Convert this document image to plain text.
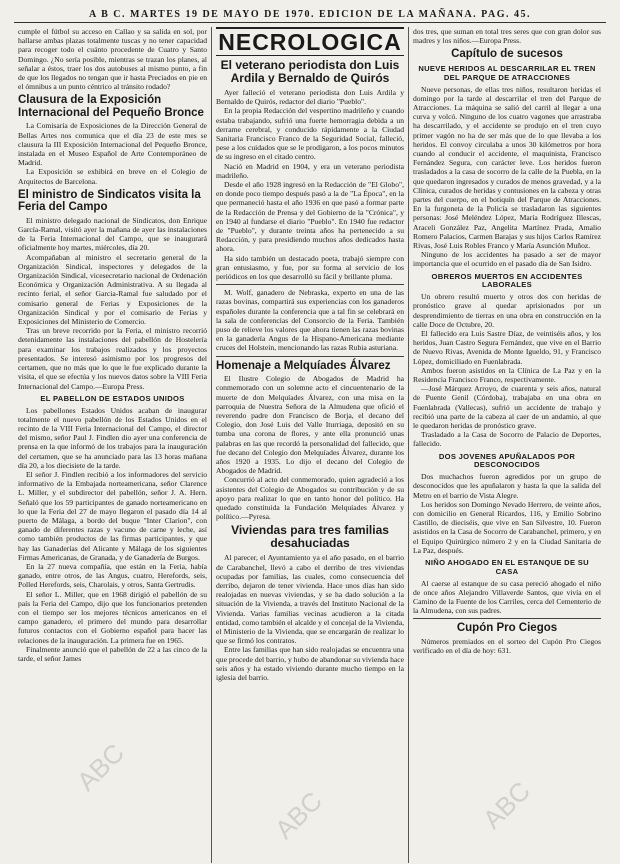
A B C. MARTES 19 DE MAYO DE 1970. EDICION DE LA MAÑANA. PAG. 45.

cumple el fútbol su acceso en Callao y sa salida en sol, por hallarse ambas plazas totalmente tuscas y no tener capacidad para recoger todo el cuánto procedente de Cuatro y Santo Domingo. ¿No sería posible, mientras se trazan los planes, al señalar a éstos, traer los dos autobuses al mismo punto, a fin de que los llegados no tengan que ir hasta Preciados en pie en el ómnibus a un punto céntrico al tránsito rodado?

Clausura de la Exposición Internacional del Pequeño Bronce

La Comisaría de Exposiciones de la Dirección General de Bellas Artes nos comunica que el día 23 de este mes se clausura la III Exposición Internacional del Pequeño Bronce, instalada en el Museo Español de Arte Contemporáneo de Madrid.

La Exposición se exhibirá en breve en el Colegio de Arquitectos de Barcelona.

El ministro de Sindicatos visita la Feria del Campo

El ministro delegado nacional de Sindicatos, don Enrique García-Ramal, visitó ayer la mañana de ayer las instalaciones de la Feria Internacional del Campo, que se inaugurará oficialmente hoy martes, miércoles, día 20.

Acompañaban al ministro el secretario general de la Organización Sindical, inspectores y delegados de la Organización Sindical, vicesecretario nacional de Ordenación Económica y Organización Administrativa. A su llegada al recinto ferial, el señor Garcia-Ramal fue saludado por el comisario general de Ferias y Exposiciones de la Organización Sindical y por el comisario de Ferias y Exposiciones del Ministerio de Comercio.

Tras un breve recorrido por la Feria, el ministro recorrió detenidamente las instalaciones del pabellón de Hostelería para examinar los trabajos realizados y los proyectos presentados. Se interesó asimismo por los progresos del certamen, que no más que lo que le fue explicado durante la visita, el que se efectúa y los nuevos datos sobre la VIII Feria Internacional del Campo.—Europa Press.

EL PABELLON DE ESTADOS UNIDOS

Los pabellones Estados Unidos acaban de inaugurar totalmente el nuevo pabellón de los Estados Unidos en el recinto de la VIII Feria Internacional del Campo, el director del mismo, señor Paul J. Findlen dio ayer una conferencia de prensa en la que informó de los trabajos para la inauguración del certamen, que se ha anunciado para las 13 horas mañana día 20, a los diecisiete de la tarde.

El señor J. Findlen recibió a los informadores del servicio informativo de la Embajada norteamericana, señor Clarence L. Miller, y el subdirector del pabellón, señor J. A. Hern. Señaló que los 59 participantes de ganado norteamericano en lo que la Feria del 27 de mayo llegaron el pasado día 14 al puerto de Málaga, a bordo del buque "Inter Clarion", con ganado de diferentes razas y vacuno de carne y leche, así como también productos de las firmas participantes, y que hay las Ganaderías del Alicante y Málaga de los siguientes Firmas Americanas, de Granada, y de Ganadería de Burgos.

En la 27 nueva compañía, que están en la Feria, había ganado, entre otros, de las Angus, cuatro, Herefords, seis, Polled Herefords, seis, Charolais, y otros, Santa Gertrudis.

El señor L. Miller, que en 1968 dirigió el pabellón de su país la Feria del Campo, dijo que los funcionarios pretenden con el tiempo ser los mejores técnicos americanos en el campo ganadero, el primero del mundo para desarrollar futuros contactos con el Gobierno español para hacer las relaciones de la inauguración. La primera fue en 1965.

Finalmente anunció que el pabellón de 22 a las cinco de la tarde, el señor James

NECROLOGICA
El veterano periodista don Luis Ardila y Bernaldo de Quirós

Ayer falleció el veterano periodista don Luis Ardila y Bernaldo de Quirós, redactor del diario "Pueblo".

En la propia Redacción del vespertino madrileño y cuando estaba trabajando, sufrió una fuerte hemorragia debida a un derrame cerebral, y conducido rápidamente a la Ciudad Sanitaria Francisco Franco de la Seguridad Social, falleció, pese a los cuidados que se le prodigaron, a los pocos minutos de su ingreso en el citado centro.

Nació en Madrid en 1904, y era un veterano periodista madrileño.

Desde el año 1928 ingresó en la Redacción de "El Globo", en donde poco tiempo después pasó a la de "La Época", en la que permaneció hasta el año 1936 en que pasó a formar parte de la Redacción de Prensa y del Gobierno de la "Crónica", y en 1940 al fundarse el diario "Pueblo". En 1940 fue redactor de "Pueblo", y durante treinta años ha pertenecido a su Redacción, y para presidiendo muchos años dedicados hasta ahora.

Ha sido también un destacado poeta, trabajó siempre con gran entusiasmo, y fue, por su forma al servicio de los periódicos en los que desarrolló su fácil y brillante pluma.

M. Wolf, ganadero de Nebraska, experto en una de las razas bovinas, compartirá sus experiencias con los ganaderos españoles durante la conferencia que a tal fin se celebrará en la sala de conferencias del Consorcio de la Feria. También puso de relieve los valores que ahora tienen las razas bovinas en la ganadería Angus de la Hispano-Americana mediante cruces del Holstein, mencionando las razas Rubia asturiana.

Homenaje a Melquíades Álvarez

El Ilustre Colegio de Abogados de Madrid ha conmemorado con un solemne acto el cincuentenario de la muerte de don Melquíades Álvarez, con una misa en la parroquia de Nuestra Señora de la Almudena que ofició el reverendo padre don Francisco de Borja, el decano del Colegio, don José Luis del Valle Iturriaga, depositó en su tumba una corona de flores, y ante ella pronunció unas palabras en las que recordó la personalidad del fallecido, que fue decano del Colegio don Melquíades Álvarez, durante los años 1920 a 1935. Lo dijo el decano del Colegio de Abogados de Madrid.

Concurrió al acto del conmemorado, quien agradeció a los asistentes del Colegio de Abogados su contribución y de su apoyo para realizar lo que en tanto honor del político. Ha quedado constituida la Fundación Melquíades Álvarez y político.—Pyresa.

Viviendas para tres familias desahuciadas

Al parecer, el Ayuntamiento ya el año pasado, en el barrio de Carabanchel, llevó a cabo el derribo de tres viviendas ocupadas por familias, las cuales, como consecuencia del derribo, dejaron de tener vivienda. Hace unos días han sido realojadas en nuevas viviendas, y se ha dado solución a la situación de la Vivienda, a través del Instituto Nacional de la Vivienda. Varias familias vecinas acudieron a la citada entidad, como también el alcalde y el concejal de la Vivienda, el Ministerio de la Vivienda, que se encargarán de realizar lo que se firmó los contratos.

Entre las familias que han sido realojadas se encuentra una que procede del barrio, y hubo de abandonar su vivienda hace seis años y ha estado viviendo durante mucho tiempo en la iglesia del barrio.

dos tres, que suman en total tres seres que con gran dolor sus madres y los niños.—Europa Press.

Capítulo de sucesos
NUEVE HERIDOS AL DESCARRILAR EL TREN DEL PARQUE DE ATRACCIONES

Nueve personas, de ellas tres niños, resultaron heridas el domingo por la tarde al descarrilar el tren del Parque de Atracciones. La máquina se salió del carril al llegar a una curva y volcó. Ninguno de los cuatro vagones que arrastraba ha descarrilado, y el accidente se produjo en el tren cuyo primer vagón no ha de ser más que de lo que llevaba a los heridos. El convoy circulaba a unos 30 kilómetros por hora cuando al conducir el accidente, el maquinista, Francisco Fernández Segura, con carácter leve. Los heridos fueron trasladados a la casa de socorro de la calle de la Puebla, en la que quedaron ingresados y curados de menos gravedad, y a la Clínica, curados de heridas y contusiones en la cabeza y otras partes del cuerpo, en el botiquín del Parque de Atracciones. En la furgoneta de la Policía se trasladaron las siguientes personas: José Meléndez López, María Rodríguez Illescas, Araceli González Paz, Angelita Martínez Prada, Amalio Romero Palacios, Carmen Barajas y sus hijos Carlos Ramírez Rivas, José Luis Robles Franco y María Asunción Muñoz.

Ninguno de los accidentes ha pasado a ser de mayor importancia que el ocurrido en el pasado día de San Isidro.

OBREROS MUERTOS EN ACCIDENTES LABORALES

Un obrero resultó muerto y otros dos con heridas de pronóstico grave al quedar aprisionados por un desprendimiento de tierras en una obra en construcción en la calle Doce de Octubre, 20.

El fallecido era Luis Sastre Díaz, de veintiséis años, y los heridos, Juan Castro Segura Fernández, que vive en el Barrio de Nuevo Rivas, Avenida de Monte Igueldo, 91, y Francisco López, domiciliado en Fuenlabrada.

Ambos fueron asistidos en la Clínica de La Paz y en la Residencia Francisco Franco, respectivamente.

—José Márquez Arroyo, de cuarenta y seis años, natural de Puente Genil (Córdoba), trabajaba en una obra en Fuenlabrada (Vallecas), sufrió un accidente de trabajo y recibió una parte de la cabeza al caer de un andamio, al que le quedaron heridas de pronóstico grave.

Trasladado a la Casa de Socorro de Palacio de Deportes, fallecido.

DOS JOVENES APUÑALADOS POR DESCONOCIDOS

Dos muchachos fueron agredidos por un grupo de desconocidos que les apuñalaron y hasta la que la salida del Metro en el barrio de Vista Alegre.

Los heridos son Domingo Nevado Herrero, de veinte años, con domicilio en General Ricardos, 116, y Emilio Sobrino Castillo, de dieciséis, que vive en San Silvestre, 10. Fueron asistidos en la Casa de Socorro de Carabanchel, primero, y en el Equipo Quirúrgico número 2 y en la Ciudad Sanitaria de La Paz, después.

NIÑO AHOGADO EN EL ESTANQUE DE SU CASA

Al caerse al estanque de su casa pereció ahogado el niño de once años Alejandro Villaverde Santos, que vivía en el Camino de la Fuente de los Carriles, cerca del Cementerio de la Almudena, con sus padres.

Cupón Pro Ciegos

Números premiados en el sorteo del Cupón Pro Ciegos verificado en el día de hoy: 631.

ABC
ABC	ABC
